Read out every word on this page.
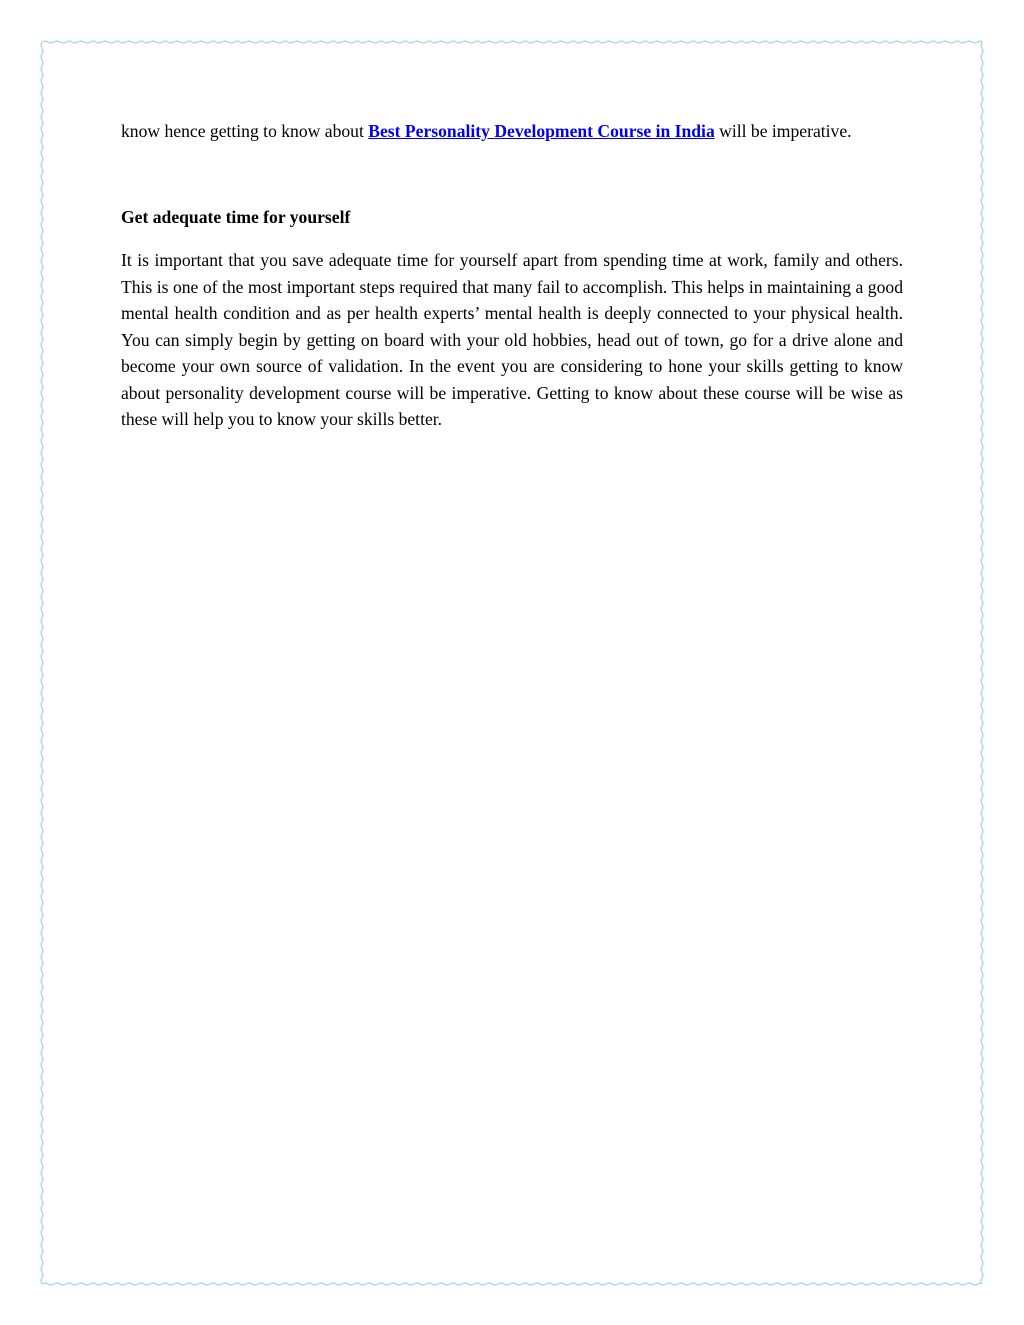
know hence getting to know about Best Personality Development Course in India will be imperative.

Get adequate time for yourself

It is important that you save adequate time for yourself apart from spending time at work, family and others. This is one of the most important steps required that many fail to accomplish. This helps in maintaining a good mental health condition and as per health experts’ mental health is deeply connected to your physical health. You can simply begin by getting on board with your old hobbies, head out of town, go for a drive alone and become your own source of validation. In the event you are considering to hone your skills getting to know about personality development course will be imperative. Getting to know about these course will be wise as these will help you to know your skills better.
